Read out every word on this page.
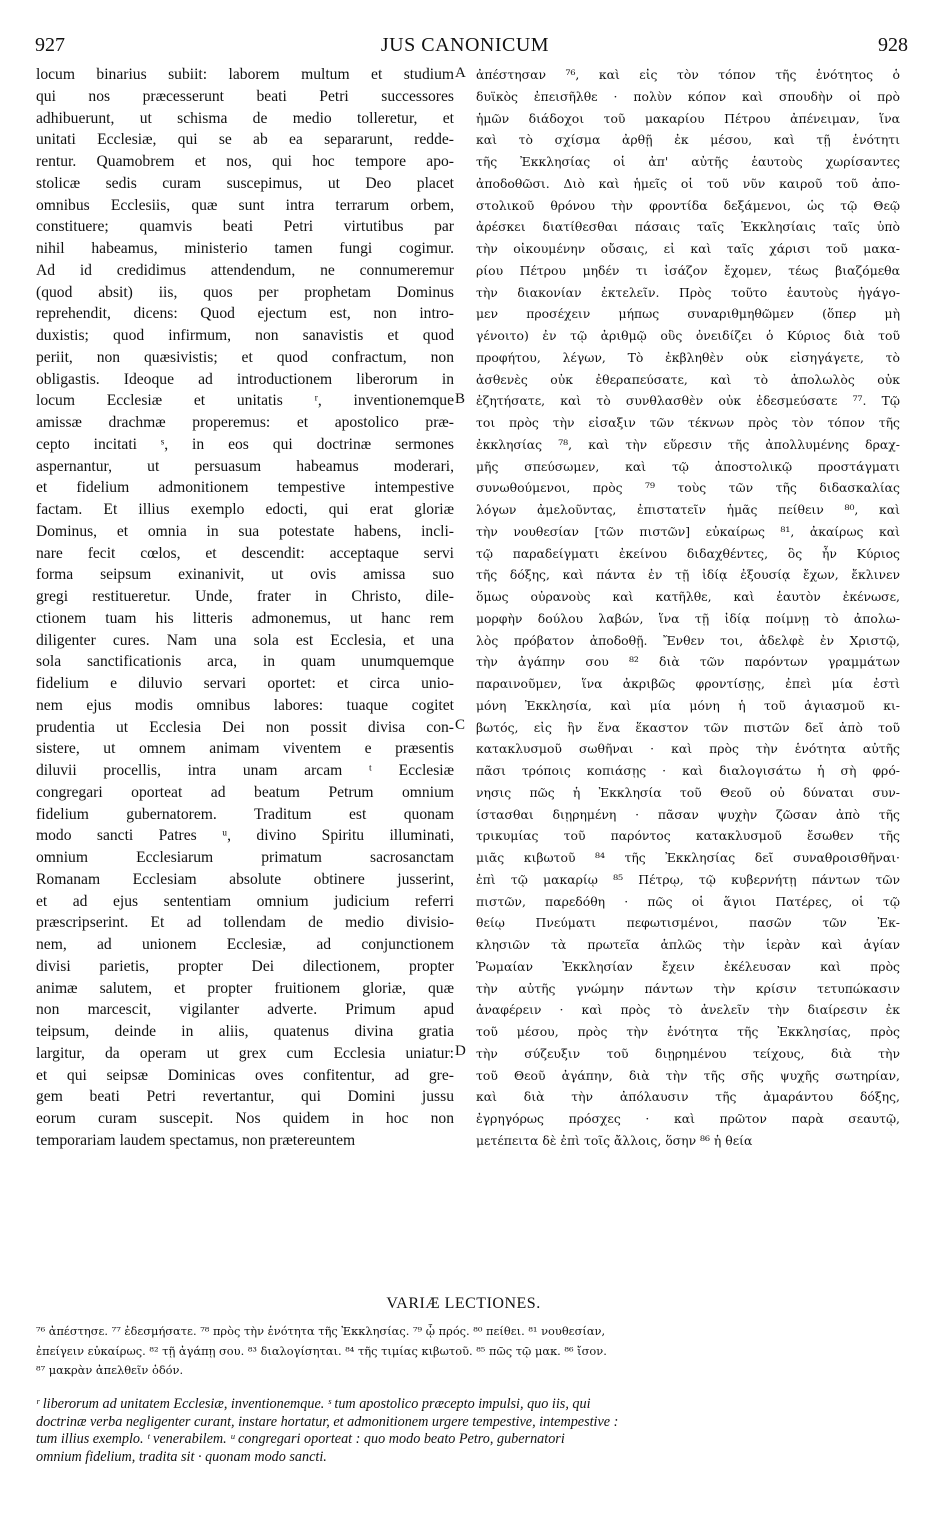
927	JUS CANONICUM	928
locum binarius subiit: laborem multum et studium
qui nos præcesserunt beati Petri successores
adhibuerunt, ut schisma de medio tolleretur, et
unitati Ecclesiæ, qui se ab ea separarunt, redde-
rentur. Quamobrem et nos, qui hoc tempore apo-
stolicæ sedis curam suscepimus, ut Deo placet
omnibus Ecclesiis, quæ sunt intra terrarum orbem,
constituere; quamvis beati Petri virtutibus par
nihil habeamus, ministerio tamen fungi cogimur.
Ad id credidimus attendendum, ne connumeremur
(quod absit) iis, quos per prophetam Dominus
reprehendit, dicens: Quod ejectum est, non intro-
duxistis; quod infirmum, non sanavistis et quod
periit, non quæsivistis; et quod confractum, non
obligastis. Ideoque ad introductionem liberorum in
locum Ecclesiæ et unitatis ʳ, inventionemque
amissæ drachmæ properemus: et apostolico præ-
cepto incitati ˢ, in eos qui doctrinæ sermones
aspernantur, ut persuasum habeamus moderari,
et fidelium admonitionem tempestive intempestive
factam. Et illius exemplo edocti, qui erat gloriæ
Dominus, et omnia in sua potestate habens, incli-
nare fecit cœlos, et descendit: acceptaque servi
forma seipsum exinanivit, ut ovis amissa suo
gregi restitueretur. Unde, frater in Christo, dile-
ctionem tuam his litteris admonemus, ut hanc rem
diligenter cures. Nam una sola est Ecclesia, et una
sola sanctificationis arca, in quam unumquemque
fidelium e diluvio servari oportet: et circa unio-
nem ejus modis omnibus labores: tuaque cogitet
prudentia ut Ecclesia Dei non possit divisa con-
sistere, ut omnem animam viventem e præsentis
diluvii procellis, intra unam arcam ᵗ Ecclesiæ
congregari oporteat ad beatum Petrum omnium
fidelium gubernatorem. Traditum est quonam
modo sancti Patres ᵘ, divino Spiritu illuminati,
omnium Ecclesiarum primatum sacrosanctam
Romanam Ecclesiam absolute obtinere jusserint,
et ad ejus sententiam omnium judicium referri
præscripserint. Et ad tollendam de medio divisio-
nem, ad unionem Ecclesiæ, ad conjunctionem
divisi parietis, propter Dei dilectionem, propter
animæ salutem, et propter fruitionem gloriæ, quæ
non marcescit, vigilanter adverte. Primum apud
teipsum, deinde in aliis, quatenus divina gratia
largitur, da operam ut grex cum Ecclesia uniatur:
et qui seipsæ Dominicas oves confitentur, ad gre-
gem beati Petri revertantur, qui Domini jussu
eorum curam suscepit. Nos quidem in hoc non
temporariam laudem spectamus, non prætereuntem
ἀπέστησαν ⁷⁶, καὶ εἰς τὸν τόπον τῆς ἑνότητος ὁ
δυϊκὸς ἐπεισῆλθε · πολὺν κόπον καὶ σπουδὴν οἱ πρὸ
ἡμῶν διάδοχοι τοῦ μακαρίου Πέτρου ἀπένειμαν, ἵνα
καὶ τὸ σχίσμα ἀρθῇ ἐκ μέσου, καὶ τῇ ἑνότητι
τῆς Ἐκκλησίας οἱ ἀπ' αὐτῆς ἑαυτοὺς χωρίσαντες
ἀποδοθῶσι. Διὸ καὶ ἡμεῖς οἱ τοῦ νῦν καιροῦ τοῦ ἀπο-
στολικοῦ θρόνου τὴν φροντίδα δεξάμενοι, ὡς τῷ Θεῷ
ἀρέσκει διατίθεσθαι πάσαις ταῖς Ἐκκλησίαις ταῖς ὑπὸ
τὴν οἰκουμένην οὔσαις, εἰ καὶ ταῖς χάρισι τοῦ μακα-
ρίου Πέτρου μηδέν τι ἰσάζον ἔχομεν, τέως βιαζόμεθα
τὴν διακονίαν ἐκτελεῖν. Πρὸς τοῦτο ἑαυτοὺς ἠγάγο-
μεν προσέχειν μήπως συναριθμηθῶμεν (ὅπερ μὴ
γένοιτο) ἐν τῷ ἀριθμῷ οὓς ὀνειδίζει ὁ Κύριος διὰ τοῦ
προφήτου, λέγων, Τὸ ἐκβληθὲν οὐκ εἰσηγάγετε, τὸ
ἀσθενὲς οὐκ ἐθεραπεύσατε, καὶ τὸ ἀπολωλὸς οὐκ
ἐζητήσατε, καὶ τὸ συνθλασθὲν οὐκ ἐδεσμεύσατε ⁷⁷. Τῷ
τοι πρὸς τὴν εἰσαξιν τῶν τέκνων πρὸς τὸν τόπον τῆς
ἐκκλησίας ⁷⁸, καὶ τὴν εὕρεσιν τῆς ἀπολλυμένης δραχ-
μῆς σπεύσωμεν, καὶ τῷ ἀποστολικῷ προστάγματι
συνωθούμενοι, πρὸς ⁷⁹ τοὺς τῶν τῆς διδασκαλίας
λόγων ἀμελοῦντας, ἐπιστατεῖν ἡμᾶς πείθειν ⁸⁰, καὶ
τὴν νουθεσίαν [τῶν πιστῶν] εὐκαίρως ⁸¹, ἀκαίρως καὶ
τῷ παραδείγματι ἐκείνου διδαχθέντες, ὃς ἦν Κύριος
τῆς δόξης, καὶ πάντα ἐν τῇ ἰδίᾳ ἐξουσίᾳ ἔχων, ἔκλινεν
ὅμως οὐρανοὺς καὶ κατῆλθε, καὶ ἑαυτὸν ἐκένωσε,
μορφὴν δούλου λαβών, ἵνα τῇ ἰδίᾳ ποίμνῃ τὸ ἀπολω-
λὸς πρόβατον ἀποδοθῇ. Ἔνθεν τοι, ἀδελφὲ ἐν Χριστῷ,
τὴν ἀγάπην σου ⁸² διὰ τῶν παρόντων γραμμάτων
παραινοῦμεν, ἵνα ἀκριβῶς φροντίσῃς, ἐπεὶ μία ἐστὶ
μόνη Ἐκκλησία, καὶ μία μόνη ἡ τοῦ ἁγιασμοῦ κι-
βωτός, εἰς ἣν ἕνα ἕκαστον τῶν πιστῶν δεῖ ἀπὸ τοῦ
κατακλυσμοῦ σωθῆναι · καὶ πρὸς τὴν ἑνότητα αὐτῆς
πᾶσι τρόποις κοπιάσῃς · καὶ διαλογισάτω ἡ σὴ φρό-
νησις πῶς ἡ Ἐκκλησία τοῦ Θεοῦ οὐ δύναται συν-
ίστασθαι διῃρημένη · πᾶσαν ψυχὴν ζῶσαν ἀπὸ τῆς
τρικυμίας τοῦ παρόντος κατακλυσμοῦ ἔσωθεν τῆς
μιᾶς κιβωτοῦ ⁸⁴ τῆς Ἐκκλησίας δεῖ συναθροισθῆναι·
ἐπὶ τῷ μακαρίῳ ⁸⁵ Πέτρῳ, τῷ κυβερνήτῃ πάντων τῶν
πιστῶν, παρεδόθη · πῶς οἱ ἅγιοι Πατέρες, οἱ τῷ
θείῳ Πνεύματι πεφωτισμένοι, πασῶν τῶν Ἐκ-
κλησιῶν τὰ πρωτεῖα ἁπλῶς τὴν ἱερὰν καὶ ἁγίαν
Ῥωμαίαν Ἐκκλησίαν ἔχειν ἐκέλευσαν καὶ πρὸς
τὴν αὐτῆς γνώμην πάντων τὴν κρίσιν τετυπώκασιν
ἀναφέρειν · καὶ πρὸς τὸ ἀνελεῖν τὴν διαίρεσιν ἐκ
τοῦ μέσου, πρὸς τὴν ἑνότητα τῆς Ἐκκλησίας, πρὸς
τὴν σύζευξιν τοῦ διῃρημένου τείχους, διὰ τὴν
τοῦ Θεοῦ ἀγάπην, διὰ τὴν τῆς σῆς ψυχῆς σωτηρίαν,
καὶ διὰ τὴν ἀπόλαυσιν τῆς ἀμαράντου δόξης,
ἐγρηγόρως πρόσχες · καὶ πρῶτον παρὰ σεαυτῷ,
μετέπειτα δὲ ἐπὶ τοῖς ἄλλοις, ὅσην ⁸⁶ ἡ θεία
A
B
C
D
VARIÆ LECTIONES.
⁷⁶ ἀπέστησε. ⁷⁷ ἐδεσμήσατε. ⁷⁸ πρὸς τὴν ἑνότητα τῆς Ἐκκλησίας. ⁷⁹ ᾧ πρός. ⁸⁰ πείθει. ⁸¹ νουθεσίαν,
ἐπείγειν εὐκαίρως. ⁸² τῇ ἀγάπῃ σου. ⁸³ διαλογίσηται. ⁸⁴ τῆς τιμίας κιβωτοῦ. ⁸⁵ πῶς τῷ μακ. ⁸⁶ ἴσον.
⁸⁷ μακρὰν ἀπελθεῖν ὁδόν.
ʳ liberorum ad unitatem Ecclesiæ, inventionemque. ˢ tum apostolico præcepto impulsi, quo iis, qui
doctrinæ verba negligenter curant, instare hortatur, et admonitionem urgere tempestive, intempestive :
tum illius exemplo. ᵗ venerabilem. ᵘ congregari oporteat : quo modo beato Petro, gubernatori
omnium fidelium, tradita sit · quonam modo sancti.
